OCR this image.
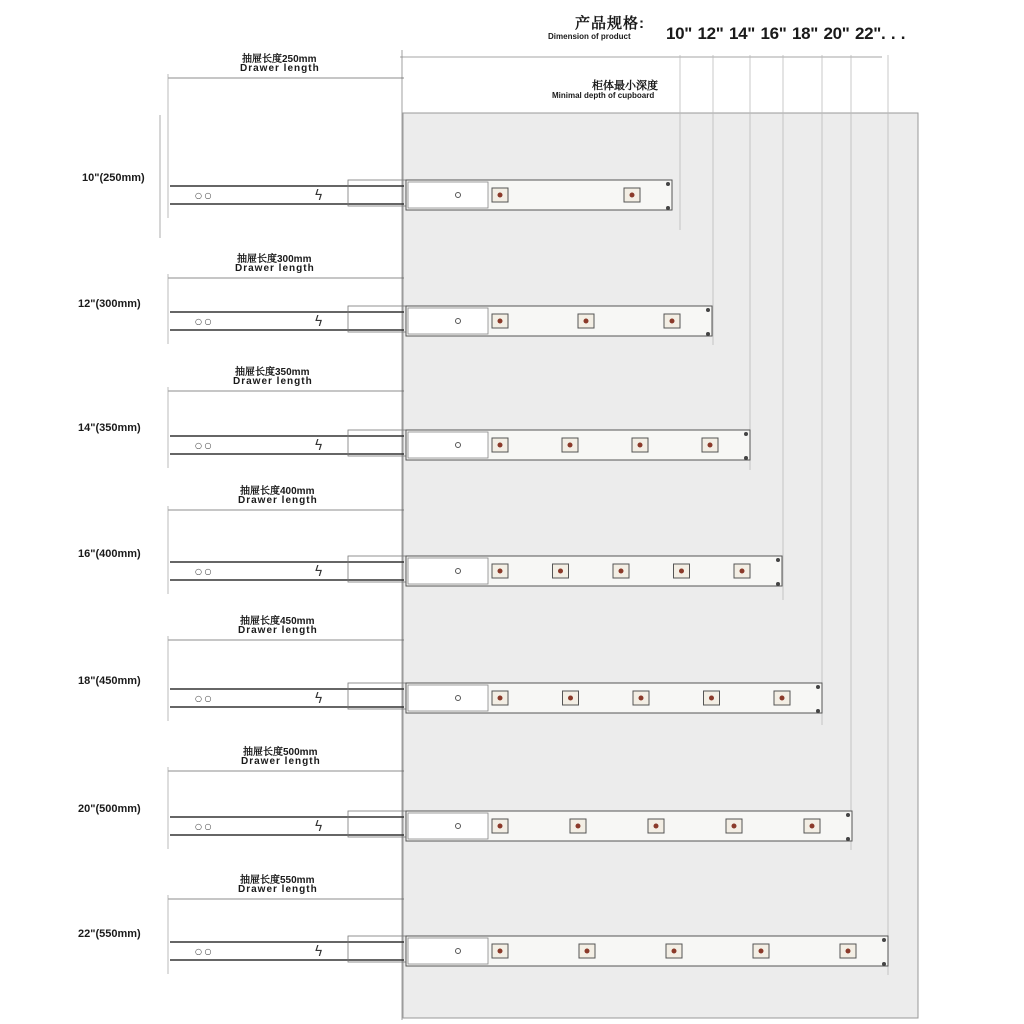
产品规格:
Dimension of product 10" 12" 14" 16" 18" 20" 22". . .
柜体最小深度
Minimal depth of cupboard
ϟ
○ ○
ϟ
○ ○
ϟ
○ ○
ϟ
○ ○
ϟ
○ ○
ϟ
○ ○
ϟ
○ ○
10"(250mm)
抽屉长度250mm
Drawer length
12"(300mm)
抽屉长度300mm
Drawer length
14"(350mm)
抽屉长度350mm
Drawer length
16"(400mm)
抽屉长度400mm
Drawer length
18"(450mm)
抽屉长度450mm
Drawer length
20"(500mm)
抽屉长度500mm
Drawer length
22"(550mm)
抽屉长度550mm
Drawer length
